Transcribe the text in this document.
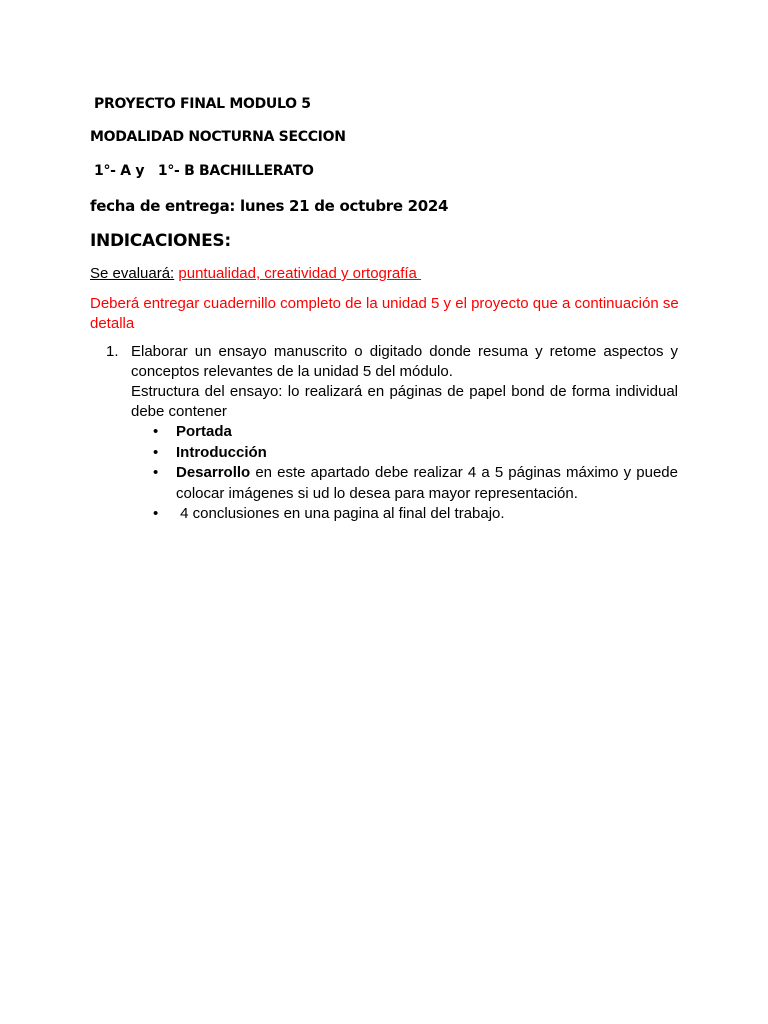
PROYECTO FINAL MODULO 5
MODALIDAD NOCTURNA SECCION
1°- A y   1°- B BACHILLERATO
fecha de entrega: lunes 21 de octubre 2024
INDICACIONES:
Se evaluará: puntualidad, creatividad y ortografía
Deberá entregar cuadernillo completo de la unidad 5 y el proyecto que a continuación se detalla
1. Elaborar un ensayo manuscrito o digitado donde resuma y retome aspectos y conceptos relevantes de la unidad 5 del módulo.

Estructura del ensayo: lo realizará en páginas de papel bond de forma individual debe contener

• Portada
• Introducción
• Desarrollo en este apartado debe realizar 4 a 5 páginas máximo y puede colocar imágenes si ud lo desea para mayor representación.
• 4 conclusiones en una pagina al final del trabajo.
